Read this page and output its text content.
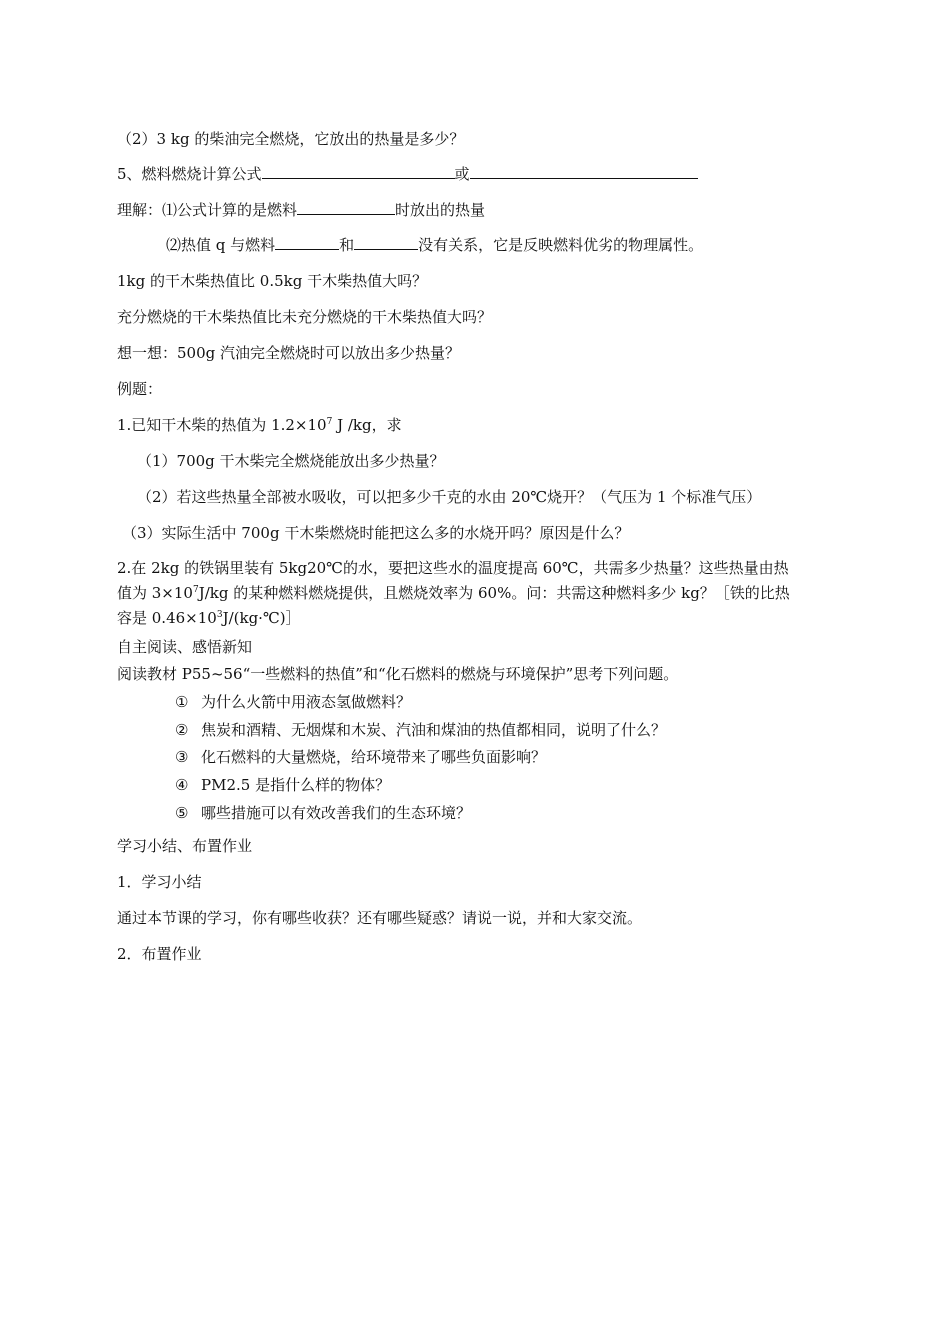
（2）3 kg 的柴油完全燃烧，它放出的热量是多少？
5、燃料燃烧计算公式	或
理解：⑴公式计算的是燃料	时放出的热量
⑵热值 q 与燃料	和	没有关系，它是反映燃料优劣的物理属性。
1kg 的干木柴热值比 0.5kg 干木柴热值大吗？
充分燃烧的干木柴热值比未充分燃烧的干木柴热值大吗？
想一想：500g 汽油完全燃烧时可以放出多少热量？
例题：
1.已知干木柴的热值为 $1.2\times 10^7$ J /kg，求
（1）700g 干木柴完全燃烧能放出多少热量？
（2）若这些热量全部被水吸收，可以把多少千克的水由 20℃烧开？（气压为 1 个标准气压）
（3）实际生活中 700g 干木柴燃烧时能把这么多的水烧开吗？原因是什么？
2.在 2kg 的铁锅里装有 5kg20℃的水，要把这些水的温度提高 60℃，共需多少热量？这些热量由热
值为 $3\times 10^7J/kg$ 的某种燃料燃烧提供，且燃烧效率为 60%。问：共需这种燃料多少 kg？［铁的比热
容是 $0.46\times 10^3J/(kg\cdot℃)]$
自主阅读、感悟新知
阅读教材 P55~56“一些燃料的热值”和“化石燃料的燃烧与环境保护”思考下列问题。
① 为什么火箭中用液态氢做燃料？
② 焦炭和酒精、无烟煤和木炭、汽油和煤油的热值都相同，说明了什么？
③ 化石燃料的大量燃烧，给环境带来了哪些负面影响？
④ PM2.5 是指什么样的物体？
⑤ 哪些措施可以有效改善我们的生态环境？
学习小结、布置作业
1．学习小结
通过本节课的学习，你有哪些收获？还有哪些疑惑？请说一说，并和大家交流。
2．布置作业
